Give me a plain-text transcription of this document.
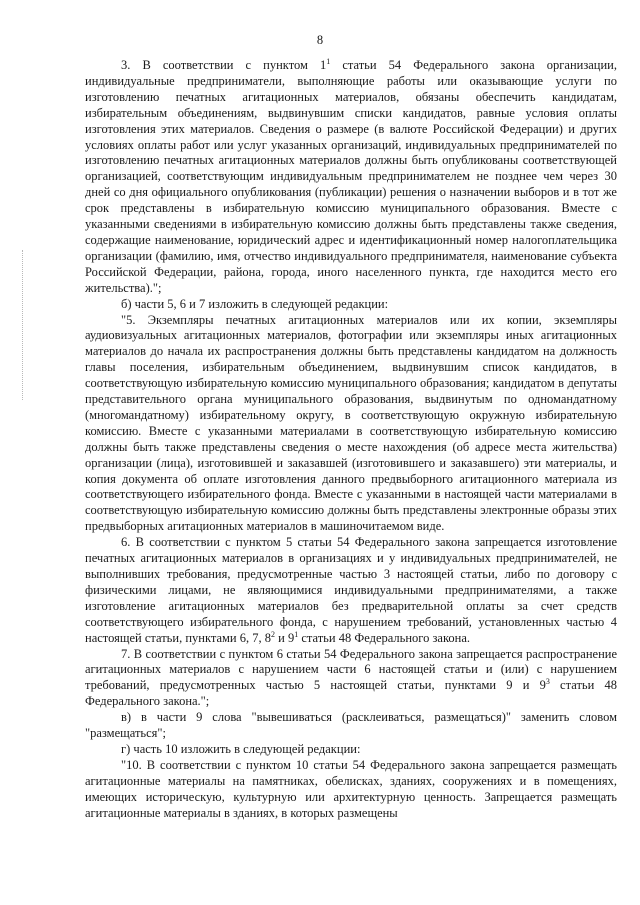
8

3. В соответствии с пунктом $1^1$ статьи 54 Федерального закона организации, индивидуальные предприниматели, выполняющие работы или оказывающие услуги по изготовлению печатных агитационных материалов, обязаны обеспечить кандидатам, избирательным объединениям, выдвинувшим списки кандидатов, равные условия оплаты изготовления этих материалов. Сведения о размере (в валюте Российской Федерации) и других условиях оплаты работ или услуг указанных организаций, индивидуальных предпринимателей по изготовлению печатных агитационных материалов должны быть опубликованы соответствующей организацией, соответствующим индивидуальным предпринимателем не позднее чем через 30 дней со дня официального опубликования (публикации) решения о назначении выборов и в тот же срок представлены в избирательную комиссию муниципального образования. Вместе с указанными сведениями в избирательную комиссию должны быть представлены также сведения, содержащие наименование, юридический адрес и идентификационный номер налогоплательщика организации (фамилию, имя, отчество индивидуального предпринимателя, наименование субъекта Российской Федерации, района, города, иного населенного пункта, где находится место его жительства).";

б) части 5, 6 и 7 изложить в следующей редакции:

"5. Экземпляры печатных агитационных материалов или их копии, экземпляры аудиовизуальных агитационных материалов, фотографии или экземпляры иных агитационных материалов до начала их распространения должны быть представлены кандидатом на должность главы поселения, избирательным объединением, выдвинувшим список кандидатов, в соответствующую избирательную комиссию муниципального образования; кандидатом в депутаты представительного органа муниципального образования, выдвинутым по одномандатному (многомандатному) избирательному округу, в соответствующую окружную избирательную комиссию. Вместе с указанными материалами в соответствующую избирательную комиссию должны быть также представлены сведения о месте нахождения (об адресе места жительства) организации (лица), изготовившей и заказавшей (изготовившего и заказавшего) эти материалы, и копия документа об оплате изготовления данного предвыборного агитационного материала из соответствующего избирательного фонда. Вместе с указанными в настоящей части материалами в соответствующую избирательную комиссию должны быть представлены электронные образы этих предвыборных агитационных материалов в машиночитаемом виде.

6. В соответствии с пунктом 5 статьи 54 Федерального закона запрещается изготовление печатных агитационных материалов в организациях и у индивидуальных предпринимателей, не выполнивших требования, предусмотренные частью 3 настоящей статьи, либо по договору с физическими лицами, не являющимися индивидуальными предпринимателями, а также изготовление агитационных материалов без предварительной оплаты за счет средств соответствующего избирательного фонда, с нарушением требований, установленных частью 4 настоящей статьи, пунктами 6, 7, $8^2$ и $9^1$ статьи 48 Федерального закона.

7. В соответствии с пунктом 6 статьи 54 Федерального закона запрещается распространение агитационных материалов с нарушением части 6 настоящей статьи и (или) с нарушением требований, предусмотренных частью 5 настоящей статьи, пунктами 9 и $9^3$ статьи 48 Федерального закона.";

в) в части 9 слова "вывешиваться (расклеиваться, размещаться)" заменить словом "размещаться";

г) часть 10 изложить в следующей редакции:

"10. В соответствии с пунктом 10 статьи 54 Федерального закона запрещается размещать агитационные материалы на памятниках, обелисках, зданиях, сооружениях и в помещениях, имеющих историческую, культурную или архитектурную ценность. Запрещается размещать агитационные материалы в зданиях, в которых размещены
